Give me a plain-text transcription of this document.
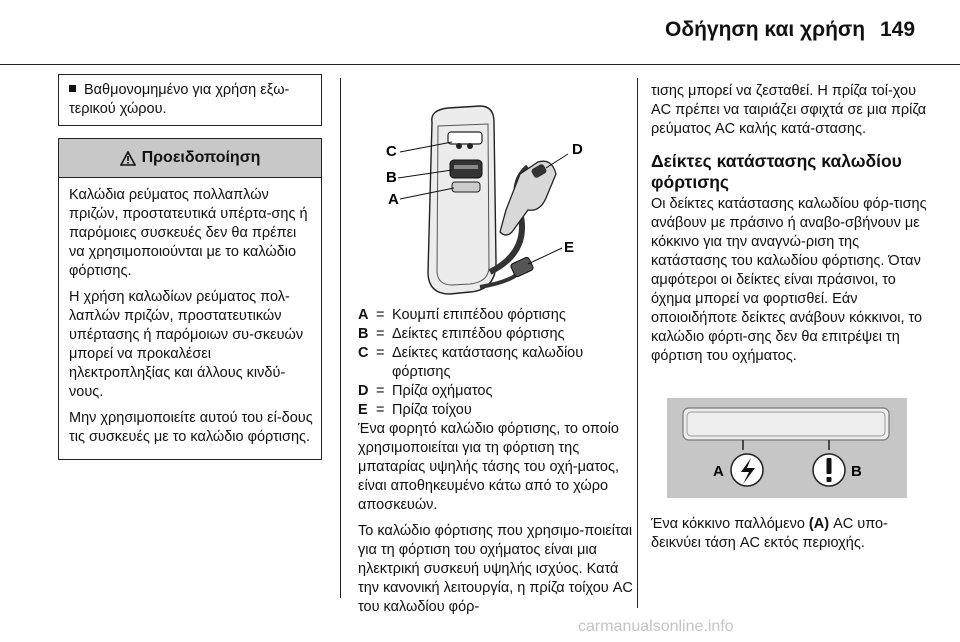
Οδήγηση και χρήση 149
Βαθμονομημένο για χρήση εξω-τερικού χώρου.
Προειδοποίηση

Καλώδια ρεύματος πολλαπλών πριζών, προστατευτικά υπέρτα-σης ή παρόμοιες συσκευές δεν θα πρέπει να χρησιμοποιούνται με το καλώδιο φόρτισης.

Η χρήση καλωδίων ρεύματος πολ-λαπλών πριζών, προστατευτικών υπέρτασης ή παρόμοιων συ-σκευών μπορεί να προκαλέσει ηλεκτροπληξίας και άλλους κινδύ-νους.

Μην χρησιμοποιείτε αυτού του εί-δους τις συσκευές με το καλώδιο φόρτισης.

C
B
A
D
E
A = Κουμπί επιπέδου φόρτισης
B = Δείκτες επιπέδου φόρτισης
C = Δείκτες κατάστασης καλωδίου φόρτισης
D = Πρίζα οχήματος
E = Πρίζα τοίχου

Ένα φορητό καλώδιο φόρτισης, το οποίο χρησιμοποιείται για τη φόρτιση της μπαταρίας υψηλής τάσης του οχή-ματος, είναι αποθηκευμένο κάτω από το χώρο αποσκευών.

Το καλώδιο φόρτισης που χρησιμο-ποιείται για τη φόρτιση του οχήματος είναι μια ηλεκτρική συσκευή υψηλής ισχύος. Κατά την κανονική λειτουργία, η πρίζα τοίχου AC του καλωδίου φόρ-

τισης μπορεί να ζεσταθεί. Η πρίζα τοί-χου AC πρέπει να ταιριάζει σφιχτά σε μια πρίζα ρεύματος AC καλής κατά-στασης.

Δείκτες κατάστασης καλωδίου φόρτισης

Οι δείκτες κατάστασης καλωδίου φόρ-τισης ανάβουν με πράσινο ή αναβο-σβήνουν με κόκκινο για την αναγνώ-ριση της κατάστασης του καλωδίου φόρτισης. Όταν αμφότεροι οι δείκτες είναι πράσινοι, το όχημα μπορεί να φορτισθεί. Εάν οποιοιδήποτε δείκτες ανάβουν κόκκινοι, το καλώδιο φόρτι-σης δεν θα επιτρέψει τη φόρτιση του οχήματος.

A	B

Ένα κόκκινο παλλόμενο (A) AC υπο-δεικνύει τάση AC εκτός περιοχής.

carmanualsonline.info
